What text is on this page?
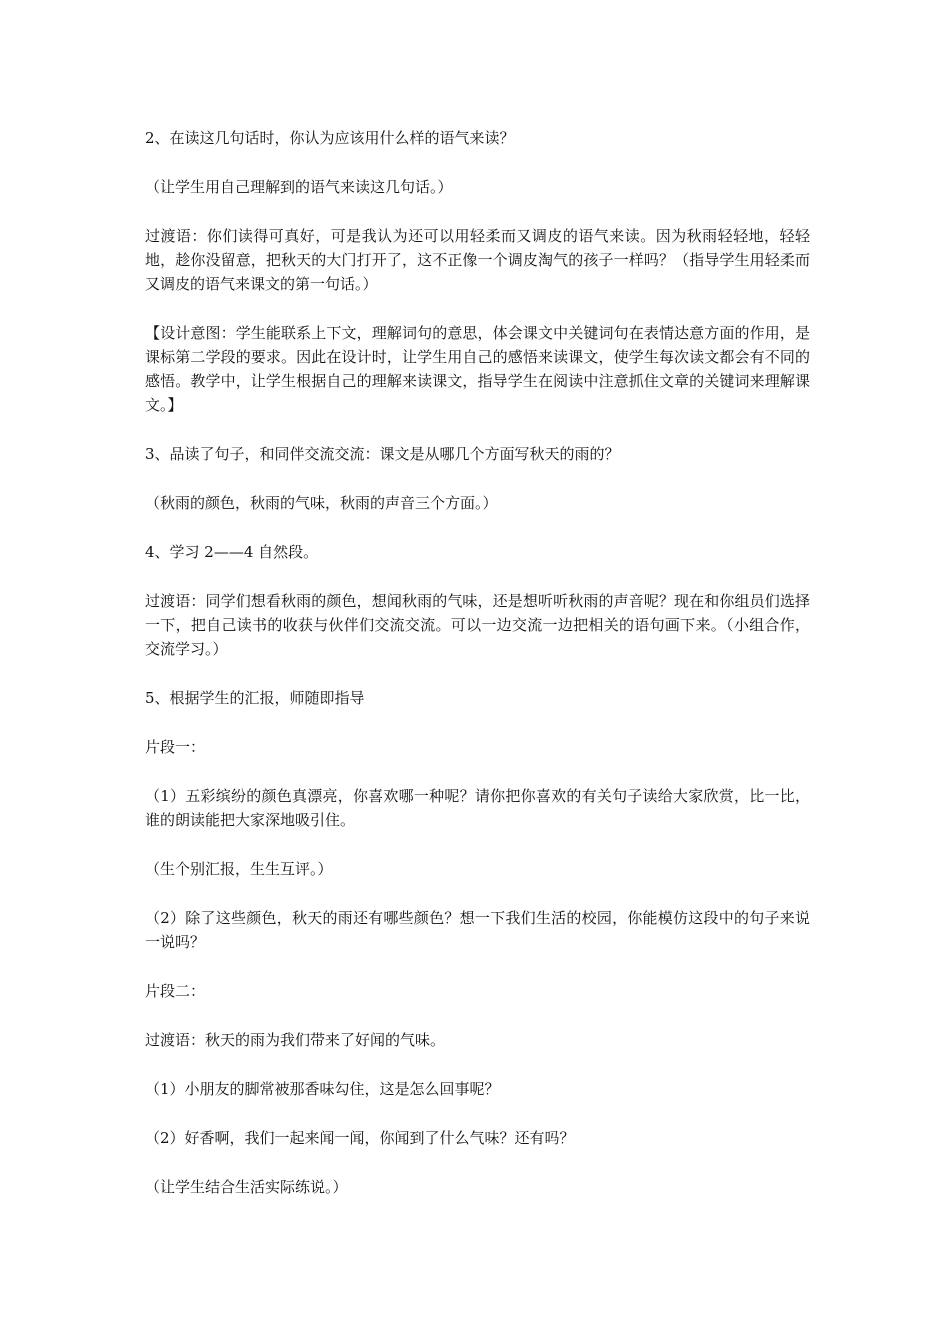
2、在读这几句话时，你认为应该用什么样的语气来读？

（让学生用自己理解到的语气来读这几句话。）

过渡语：你们读得可真好，可是我认为还可以用轻柔而又调皮的语气来读。因为秋雨轻轻地，轻轻地，趁你没留意，把秋天的大门打开了，这不正像一个调皮淘气的孩子一样吗？（指导学生用轻柔而又调皮的语气来课文的第一句话。）

【设计意图：学生能联系上下文，理解词句的意思，体会课文中关键词句在表情达意方面的作用，是课标第二学段的要求。因此在设计时，让学生用自己的感悟来读课文，使学生每次读文都会有不同的感悟。教学中，让学生根据自己的理解来读课文，指导学生在阅读中注意抓住文章的关键词来理解课文。】

3、品读了句子，和同伴交流交流：课文是从哪几个方面写秋天的雨的？

（秋雨的颜色，秋雨的气味，秋雨的声音三个方面。）

4、学习 2——4 自然段。

过渡语：同学们想看秋雨的颜色，想闻秋雨的气味，还是想听听秋雨的声音呢？现在和你组员们选择一下，把自己读书的收获与伙伴们交流交流。可以一边交流一边把相关的语句画下来。（小组合作，交流学习。）

5、根据学生的汇报，师随即指导

片段一：

（1）五彩缤纷的颜色真漂亮，你喜欢哪一种呢？请你把你喜欢的有关句子读给大家欣赏，比一比，谁的朗读能把大家深地吸引住。

（生个别汇报，生生互评。）

（2）除了这些颜色，秋天的雨还有哪些颜色？想一下我们生活的校园，你能模仿这段中的句子来说一说吗？

片段二：

过渡语：秋天的雨为我们带来了好闻的气味。

（1）小朋友的脚常被那香味勾住，这是怎么回事呢？

（2）好香啊，我们一起来闻一闻，你闻到了什么气味？还有吗？

（让学生结合生活实际练说。）
